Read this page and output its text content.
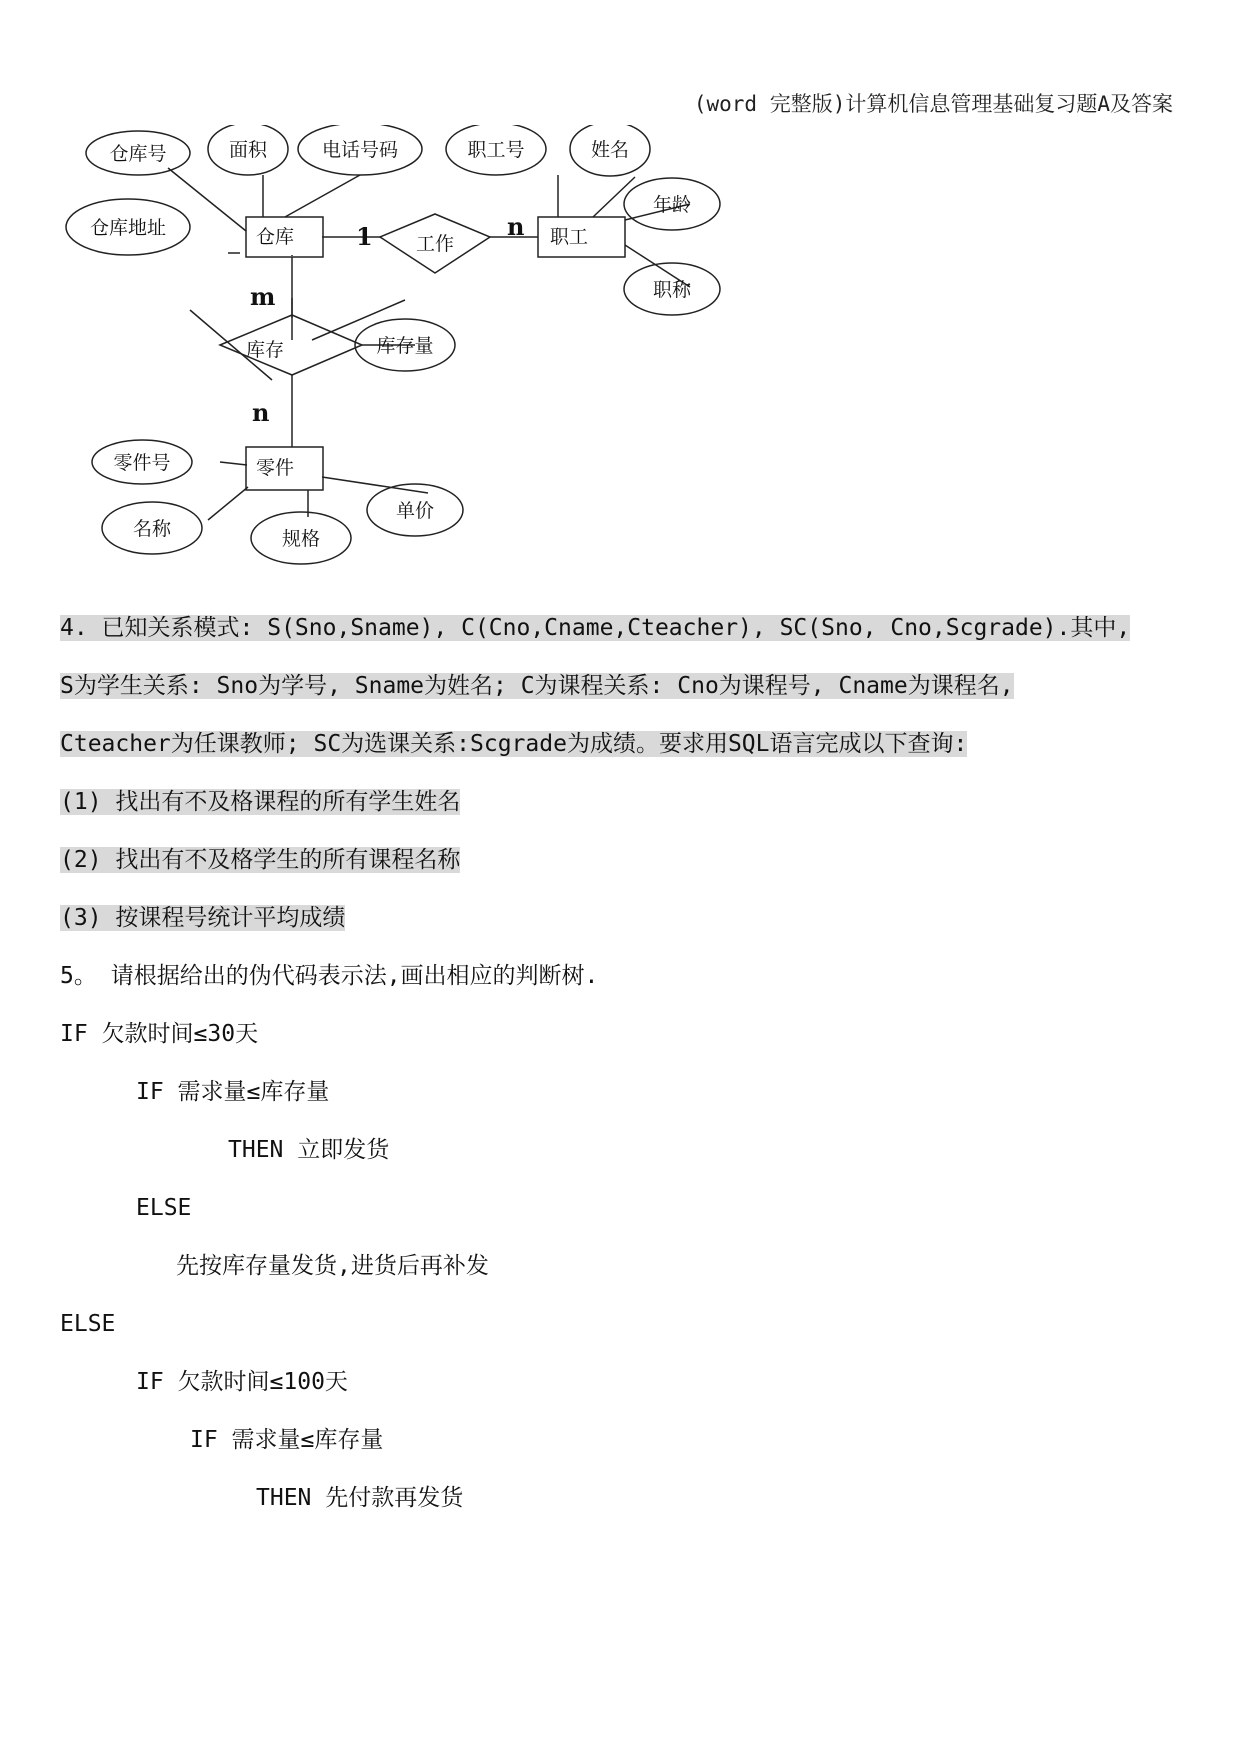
(word 完整版)计算机信息管理基础复习题A及答案
仓库	职工
零件
工作
库存
仓库号	面积	电话号码
仓库地址
职工号	姓名
年龄
职称
库存量
零件号
名称	规格
单价
1	n
m
n
4. 已知关系模式: S(Sno,Sname), C(Cno,Cname,Cteacher), SC(Sno, Cno,Scgrade).其中,
S为学生关系: Sno为学号, Sname为姓名; C为课程关系: Cno为课程号, Cname为课程名,
Cteacher为任课教师; SC为选课关系:Scgrade为成绩。要求用SQL语言完成以下查询:
(1) 找出有不及格课程的所有学生姓名
(2) 找出有不及格学生的所有课程名称
(3) 按课程号统计平均成绩
5。 请根据给出的伪代码表示法,画出相应的判断树.
IF 欠款时间≤30天
IF 需求量≤库存量
THEN 立即发货
ELSE
先按库存量发货,进货后再补发
ELSE
IF 欠款时间≤100天
IF 需求量≤库存量
THEN 先付款再发货
